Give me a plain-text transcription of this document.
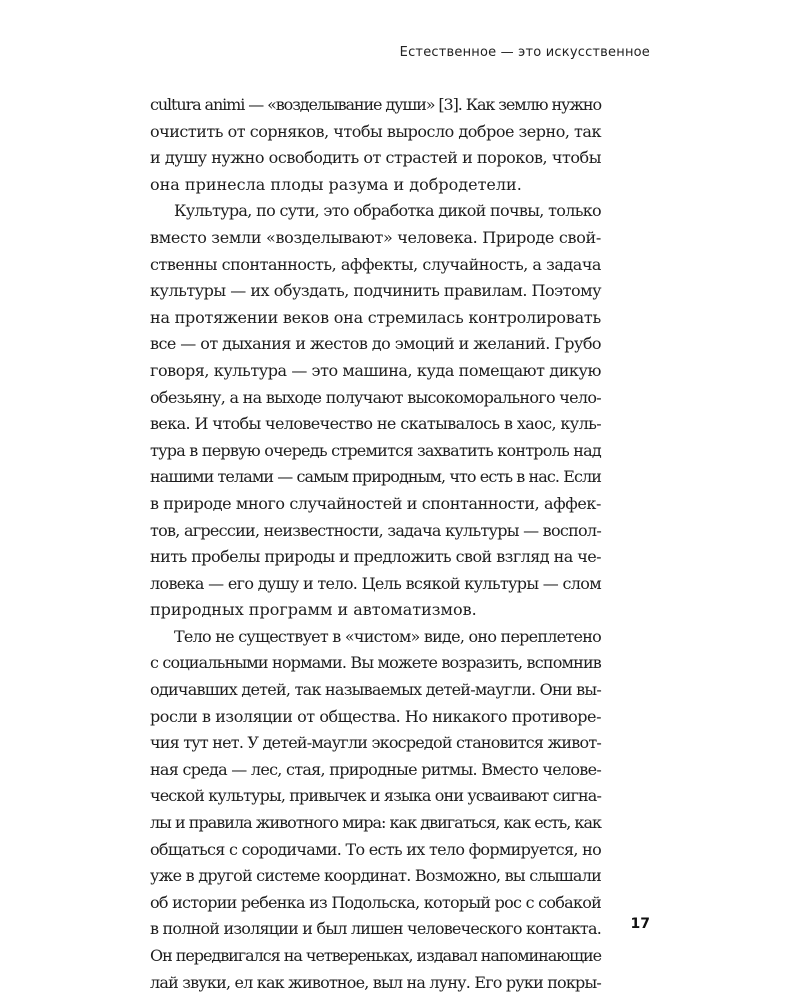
Естественное — это искусственное

cultura animi — «возделывание души» [3]. Как землю нужно
очистить от сорняков, чтобы выросло доброе зерно, так
и душу нужно освободить от страстей и пороков, чтобы
она принесла плоды разума и добродетели.

Культура, по сути, это обработка дикой почвы, только
вместо земли «возделывают» человека. Природе свой-
ственны спонтанность, аффекты, случайность, а задача
культуры — их обуздать, подчинить правилам. Поэтому
на протяжении веков она стремилась контролировать
все — от дыхания и жестов до эмоций и желаний. Грубо
говоря, культура — это машина, куда помещают дикую
обезьяну, а на выходе получают высокоморального чело-
века. И чтобы человечество не скатывалось в хаос, куль-
тура в первую очередь стремится захватить контроль над
нашими телами — самым природным, что есть в нас. Если
в природе много случайностей и спонтанности, аффек-
тов, агрессии, неизвестности, задача культуры — воспол-
нить пробелы природы и предложить свой взгляд на че-
ловека — его душу и тело. Цель всякой культуры — слом
природных программ и автоматизмов.

Тело не существует в «чистом» виде, оно переплетено
с социальными нормами. Вы можете возразить, вспомнив
одичавших детей, так называемых детей-маугли. Они вы-
росли в изоляции от общества. Но никакого противоре-
чия тут нет. У детей-маугли экосредой становится живот-
ная среда — лес, стая, природные ритмы. Вместо челове-
ческой культуры, привычек и языка они усваивают сигна-
лы и правила животного мира: как двигаться, как есть, как
общаться с сородичами. То есть их тело формируется, но
уже в другой системе координат. Возможно, вы слышали
об истории ребенка из Подольска, который рос с собакой
в полной изоляции и был лишен человеческого контакта.
Он передвигался на четвереньках, издавал напоминающие
лай звуки, ел как животное, выл на луну. Его руки покры-

17
